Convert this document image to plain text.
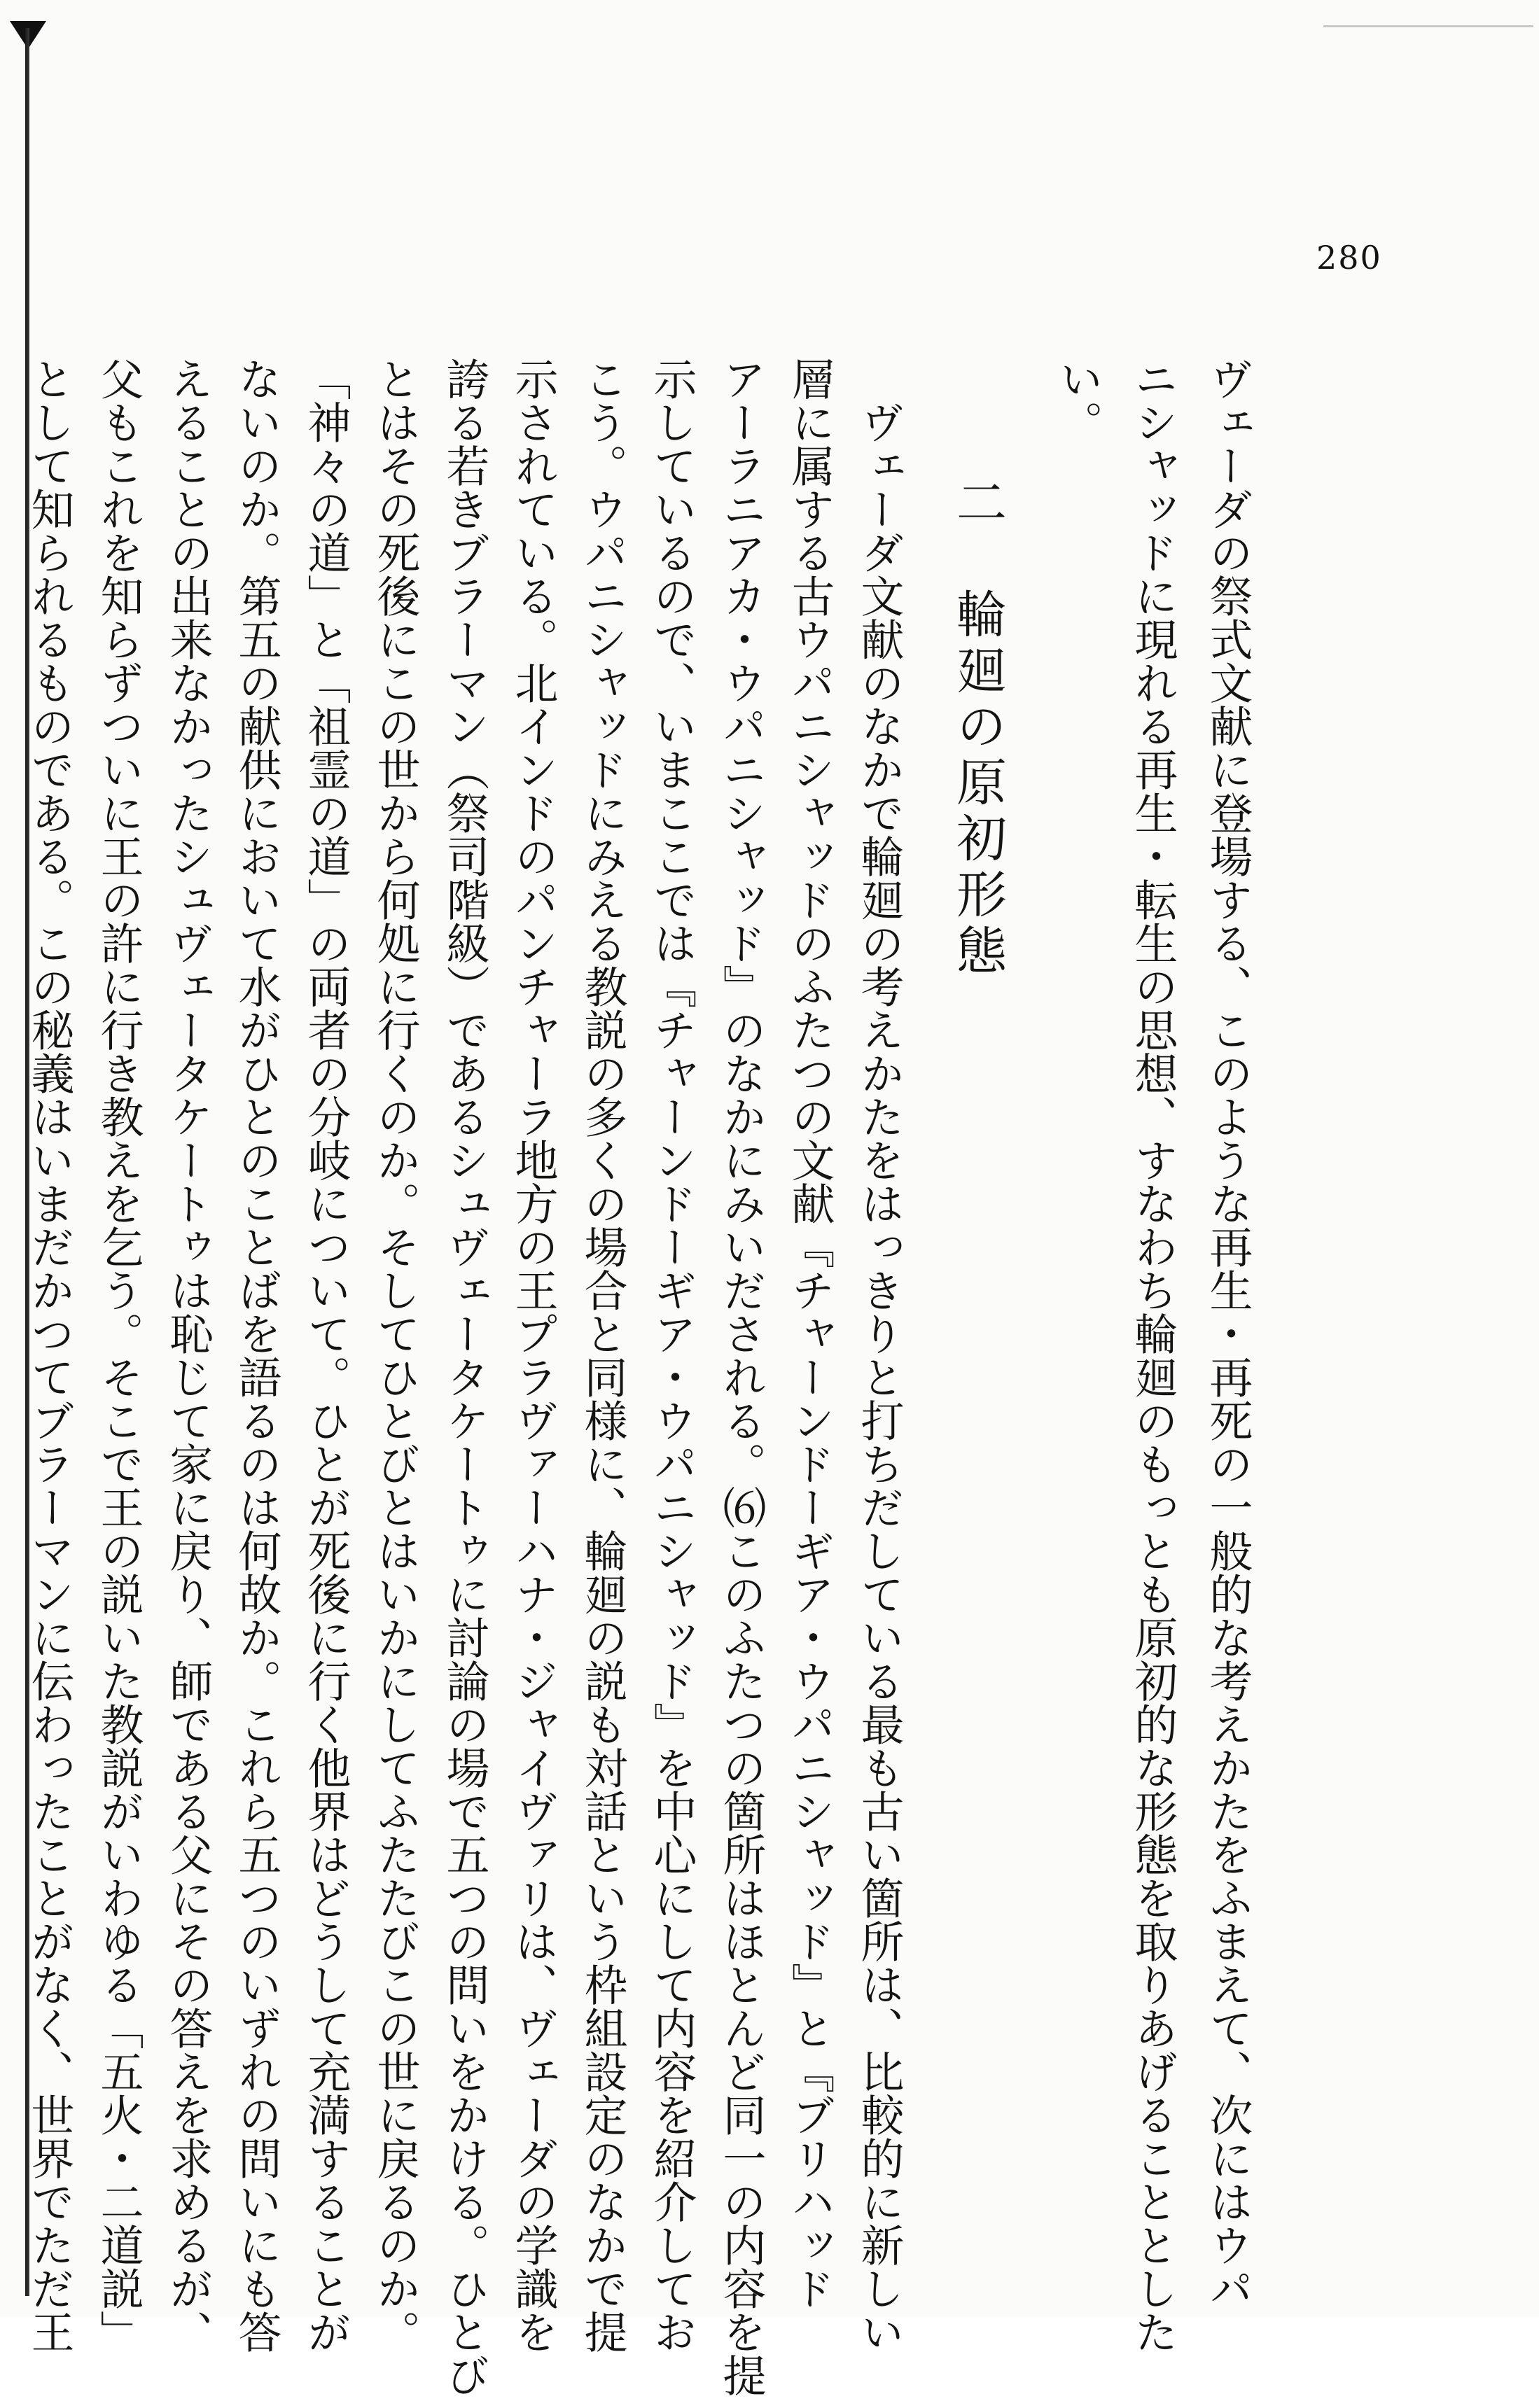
280
ヴェーダの祭式文献に登場する、このような再生・再死の一般的な考えかたをふまえて、次にはウパ
ニシャッドに現れる再生・転生の思想、すなわち輪廻のもっとも原初的な形態を取りあげることとした
い。
二　輪廻の原初形態
ヴェーダ文献のなかで輪廻の考えかたをはっきりと打ちだしている最も古い箇所は、比較的に新しい
層に属する古ウパニシャッドのふたつの文献『チャーンドーギア・ウパニシャッド』と『ブリハッド
アーラニアカ・ウパニシャッド』のなかにみいだされる。⑹このふたつの箇所はほとんど同一の内容を提
示しているので、いまここでは『チャーンドーギア・ウパニシャッド』を中心にして内容を紹介してお
こう。ウパニシャッドにみえる教説の多くの場合と同様に、輪廻の説も対話という枠組設定のなかで提
示されている。北インドのパンチャーラ地方の王プラヴァーハナ・ジャイヴァリは、ヴェーダの学識を
誇る若きブラーマン（祭司階級）であるシュヴェータケートゥに討論の場で五つの問いをかける。ひとび
とはその死後にこの世から何処に行くのか。そしてひとびとはいかにしてふたたびこの世に戻るのか。
「神々の道」と「祖霊の道」の両者の分岐について。ひとが死後に行く他界はどうして充満することが
ないのか。第五の献供において水がひとのことばを語るのは何故か。これら五つのいずれの問いにも答
えることの出来なかったシュヴェータケートゥは恥じて家に戻り、師である父にその答えを求めるが、
父もこれを知らずついに王の許に行き教えを乞う。そこで王の説いた教説がいわゆる「五火・二道説」
として知られるものである。この秘義はいまだかつてブラーマンに伝わったことがなく、世界でただ王
